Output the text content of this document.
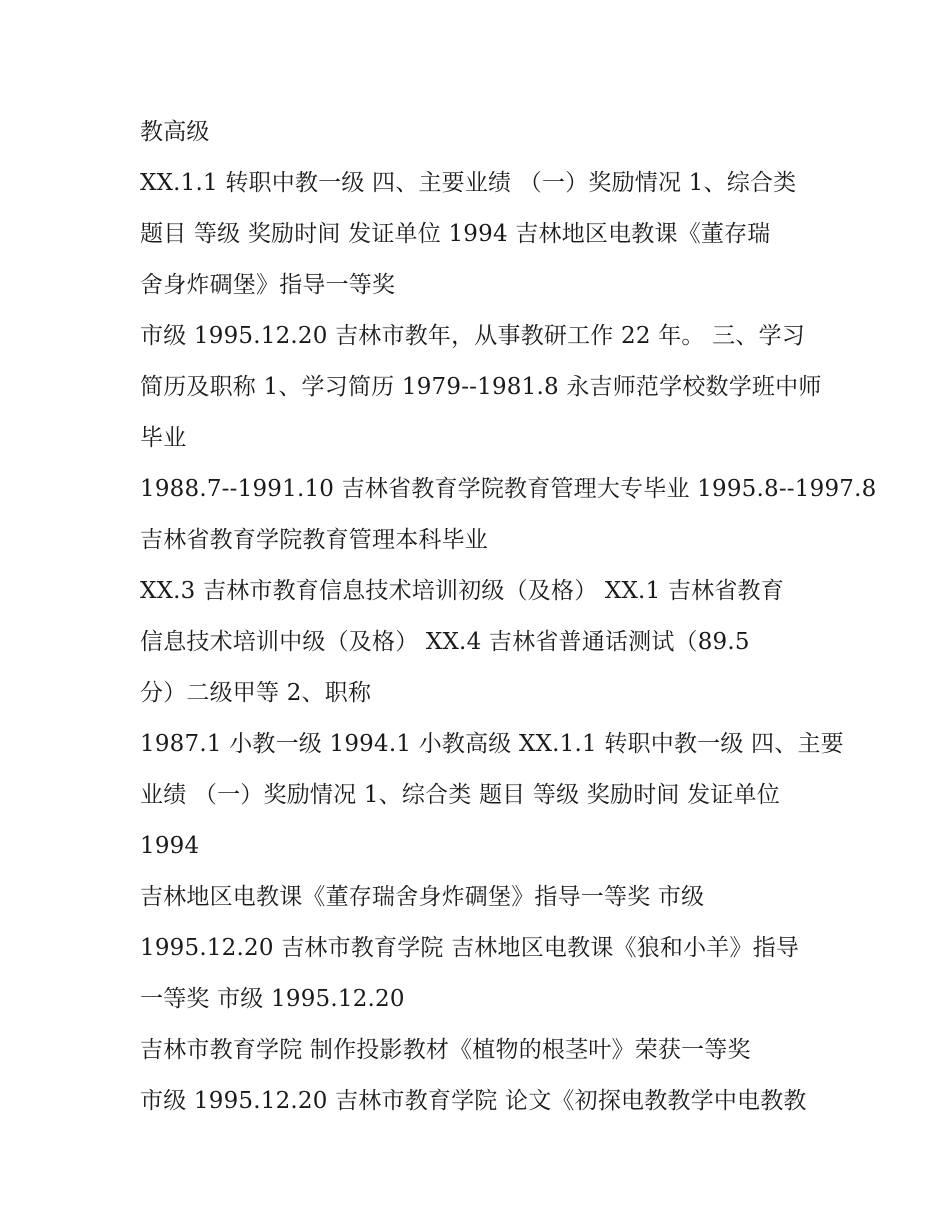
教高级
XX.1.1 转职中教一级 四、主要业绩 （一）奖励情况 1、综合类
题目 等级 奖励时间 发证单位 1994 吉林地区电教课《董存瑞
舍身炸碉堡》指导一等奖
市级 1995.12.20 吉林市教年，从事教研工作 22 年。 三、学习
简历及职称 1、学习简历 1979--1981.8 永吉师范学校数学班中师
毕业
1988.7--1991.10 吉林省教育学院教育管理大专毕业 1995.8--1997.8
吉林省教育学院教育管理本科毕业
XX.3 吉林市教育信息技术培训初级（及格） XX.1 吉林省教育
信息技术培训中级（及格） XX.4 吉林省普通话测试（89.5
分）二级甲等 2、职称
1987.1 小教一级 1994.1 小教高级 XX.1.1 转职中教一级 四、主要
业绩 （一）奖励情况 1、综合类 题目 等级 奖励时间 发证单位
1994
吉林地区电教课《董存瑞舍身炸碉堡》指导一等奖 市级
1995.12.20 吉林市教育学院 吉林地区电教课《狼和小羊》指导
一等奖 市级 1995.12.20
吉林市教育学院 制作投影教材《植物的根茎叶》荣获一等奖
市级 1995.12.20 吉林市教育学院 论文《初探电教教学中电教教
